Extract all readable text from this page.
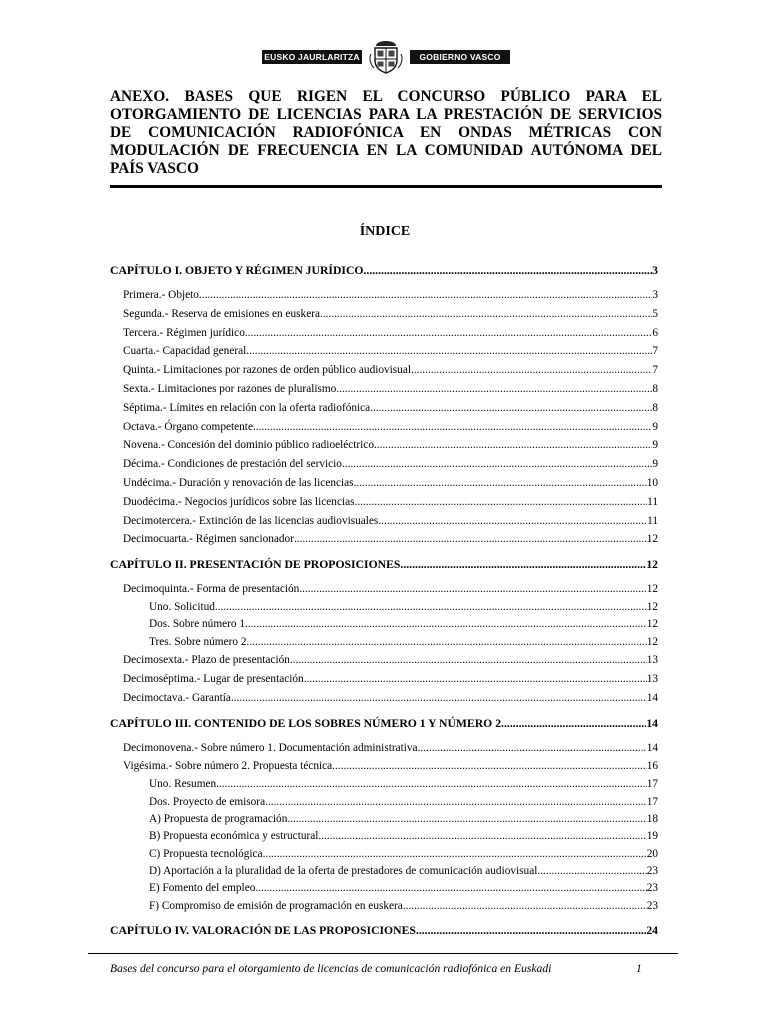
EUSKO JAURLARITZA	GOBIERNO VASCO
ANEXO. BASES QUE RIGEN EL CONCURSO PÚBLICO PARA EL OTORGAMIENTO DE LICENCIAS PARA LA PRESTACIÓN DE SERVICIOS DE COMUNICACIÓN RADIOFÓNICA EN ONDAS MÉTRICAS CON MODULACIÓN DE FRECUENCIA EN LA COMUNIDAD AUTÓNOMA DEL PAÍS VASCO
ÍNDICE
CAPÍTULO I. OBJETO Y RÉGIMEN JURÍDICO .....	3
Primera.- Objeto .....	3
Segunda.- Reserva de emisiones en euskera .....	5
Tercera.- Régimen jurídico .....	6
Cuarta.- Capacidad general .....	7
Quinta.- Limitaciones por razones de orden público audiovisual .....	7
Sexta.- Limitaciones por razones de pluralismo .....	8
Séptima.- Límites en relación con la oferta radiofónica .....	8
Octava.- Órgano competente .....	9
Novena.- Concesión del dominio público radioeléctrico. .....	9
Décima.- Condiciones de prestación del servicio .....	9
Undécima.- Duración y renovación de las licencias .....	10
Duodécima.- Negocios jurídicos sobre las licencias .....	11
Decimotercera.- Extinción de las licencias audiovisuales .....	11
Decimocuarta.- Régimen sancionador .....	12
CAPÍTULO II. PRESENTACIÓN DE PROPOSICIONES .....	12
Decimoquinta.- Forma de presentación .....	12
Uno. Solicitud .....	12
Dos. Sobre número 1 .....	12
Tres. Sobre número 2 .....	12
Decimosexta.- Plazo de presentación .....	13
Decimoséptima.- Lugar de presentación .....	13
Decimoctava.- Garantía .....	14
CAPÍTULO III. CONTENIDO DE LOS SOBRES NÚMERO 1 Y NÚMERO 2 .....	14
Decimonovena.- Sobre número 1. Documentación administrativa .....	14
Vigésima.- Sobre número 2. Propuesta técnica .....	16
Uno. Resumen .....	17
Dos. Proyecto de emisora .....	17
A) Propuesta de programación .....	18
B) Propuesta económica y estructural .....	19
C) Propuesta tecnológica .....	20
D) Aportación a la pluralidad de la oferta de prestadores de comunicación audiovisual .....	23
E) Fomento del empleo .....	23
F) Compromiso de emisión de programación en euskera .....	23
CAPÍTULO IV. VALORACIÓN DE LAS PROPOSICIONES .....	24
Bases del concurso para el otorgamiento de licencias de comunicación radiofónica en Euskadi	1
